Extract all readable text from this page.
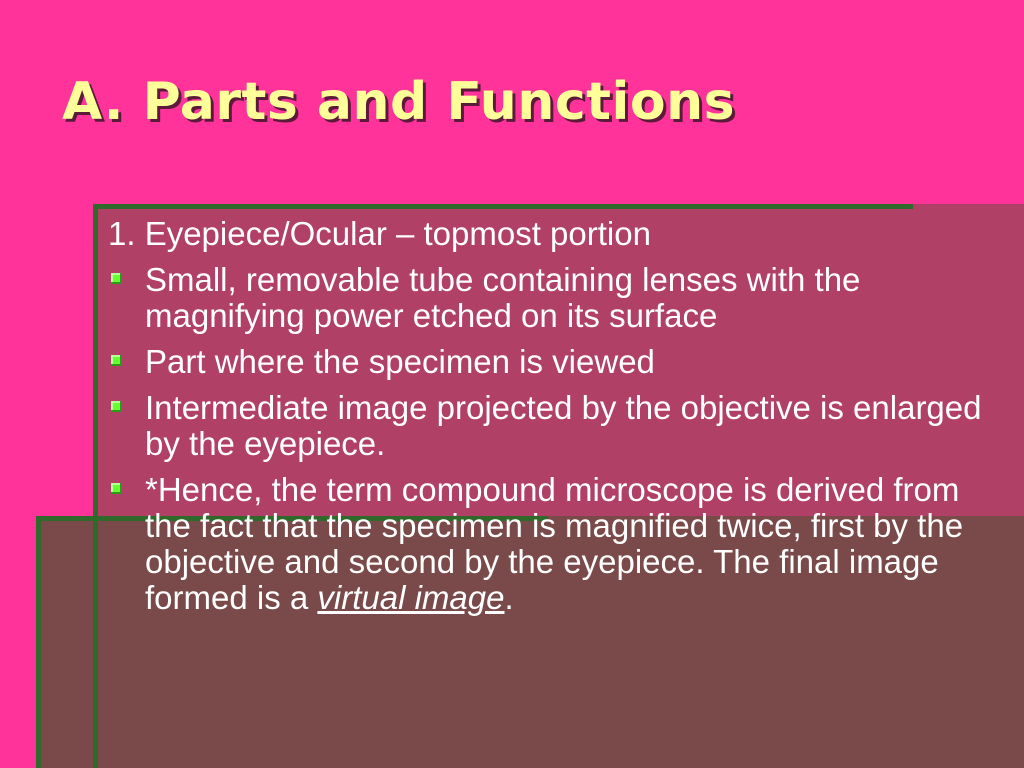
A. Parts and Functions

1. Eyepiece/Ocular – topmost portion

Small, removable tube containing lenses with the magnifying power etched on its surface
Part where the specimen is viewed
Intermediate image projected by the objective is enlarged by the eyepiece.
*Hence, the term compound microscope is derived from the fact that the specimen is magnified twice, first by the objective and second by the eyepiece. The final image formed is a virtual image.
